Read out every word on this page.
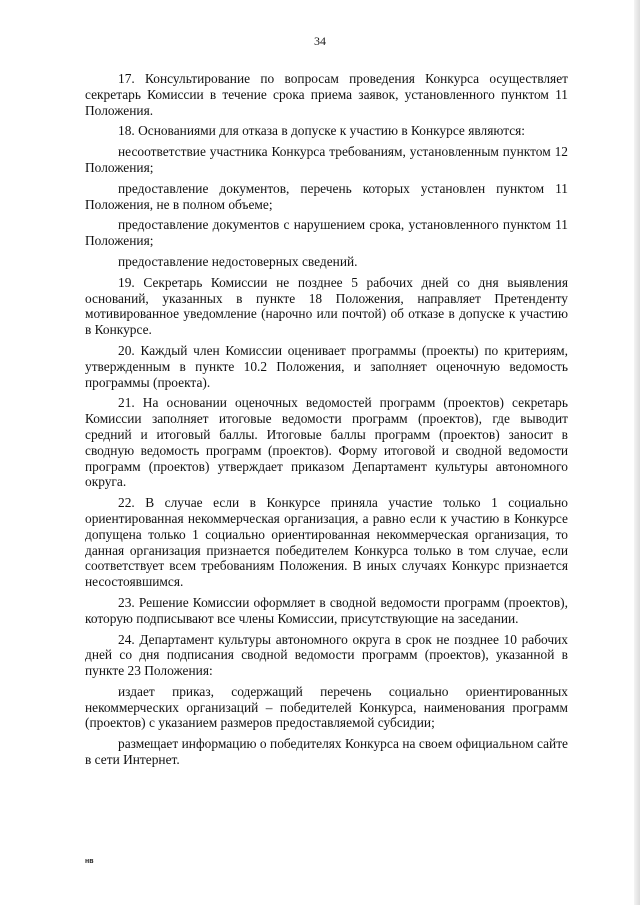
34

17. Консультирование по вопросам проведения Конкурса осуществляет секретарь Комиссии в течение срока приема заявок, установленного пунктом 11 Положения.

18. Основаниями для отказа в допуске к участию в Конкурсе являются:

несоответствие участника Конкурса требованиям, установленным пунктом 12 Положения;

предоставление документов, перечень которых установлен пунктом 11 Положения, не в полном объеме;

предоставление документов с нарушением срока, установленного пунктом 11 Положения;

предоставление недостоверных сведений.

19. Секретарь Комиссии не позднее 5 рабочих дней со дня выявления оснований, указанных в пункте 18 Положения, направляет Претенденту мотивированное уведомление (нарочно или почтой) об отказе в допуске к участию в Конкурсе.

20. Каждый член Комиссии оценивает программы (проекты) по критериям, утвержденным в пункте 10.2 Положения, и заполняет оценочную ведомость программы (проекта).

21. На основании оценочных ведомостей программ (проектов) секретарь Комиссии заполняет итоговые ведомости программ (проектов), где выводит средний и итоговый баллы. Итоговые баллы программ (проектов) заносит в сводную ведомость программ (проектов). Форму итоговой и сводной ведомости программ (проектов) утверждает приказом Департамент культуры автономного округа.

22. В случае если в Конкурсе приняла участие только 1 социально ориентированная некоммерческая организация, а равно если к участию в Конкурсе допущена только 1 социально ориентированная некоммерческая организация, то данная организация признается победителем Конкурса только в том случае, если соответствует всем требованиям Положения. В иных случаях Конкурс признается несостоявшимся.

23. Решение Комиссии оформляет в сводной ведомости программ (проектов), которую подписывают все члены Комиссии, присутствующие на заседании.

24. Департамент культуры автономного округа в срок не позднее 10 рабочих дней со дня подписания сводной ведомости программ (проектов), указанной в пункте 23 Положения:

издает приказ, содержащий перечень социально ориентированных некоммерческих организаций – победителей Конкурса, наименования программ (проектов) с указанием размеров предоставляемой субсидии;

размещает информацию о победителях Конкурса на своем официальном сайте в сети Интернет.

нв
